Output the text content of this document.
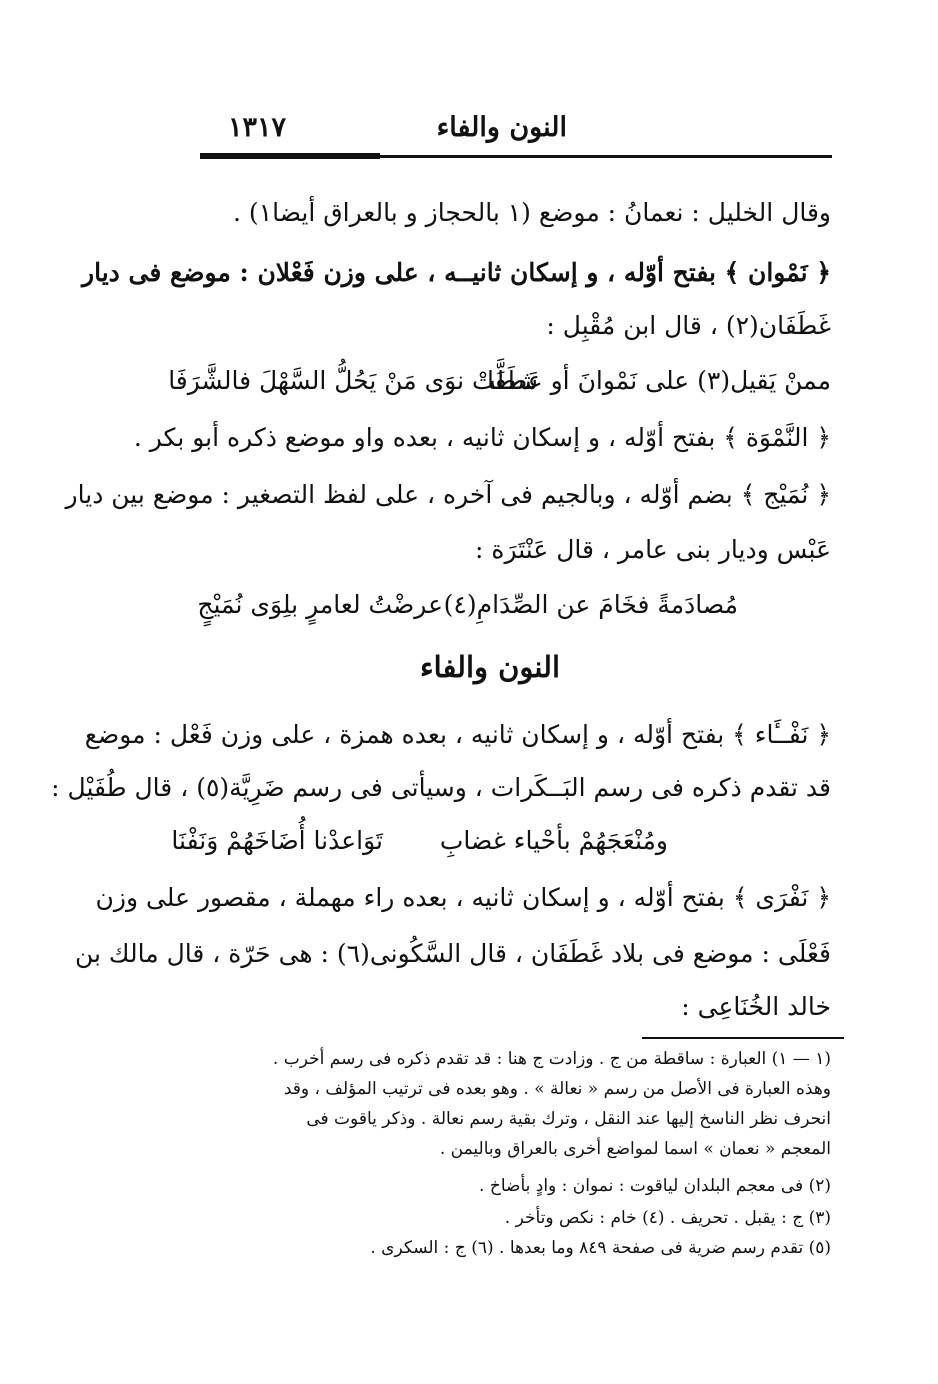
١٣١٧	النون والفاء
وقال الخليل : نعمانُ : موضع (١ بالحجاز و بالعراق أيضا١) .
﴿ نَمْوان ﴾ بفتح أوّله ، و إسكان ثانيــه ، على وزن فَعْلان : موضع فى ديار
غَطَفَان(٢) ، قال ابن مُقْبِل :
شطَّتْ نوَى مَنْ يَحُلُّ السَّهْلَ فالشَّرَفَا
ممنْ يَقيل(٣) على نَمْوانَ أو عَطَفَا
﴿ النَّمْوَة ﴾ بفتح أوّله ، و إسكان ثانيه ، بعده واو موضع ذكره أبو بكر .
﴿ نُمَيْج ﴾ بضم أوّله ، وبالجيم فى آخره ، على لفظ التصغير : موضع بين ديار
عَبْس وديار بنى عامر ، قال عَنْتَرَة :
عرضْتُ لعامرٍ بلِوَى نُمَيْجٍ مُصادَمةً فخَامَ عن الصِّدَامِ(٤)
النون والفاء
﴿ نَفْــَٔاء ﴾ بفتح أوّله ، و إسكان ثانيه ، بعده همزة ، على وزن فَعْل : موضع
قد تقدم ذكره فى رسم البَــكَرات ، وسيأتى فى رسم ضَرِيَّة(٥) ، قال طُفَيْل :
تَوَاعدْنا أُضَاخَهُمْ وَنَفْنَا ومُنْعَجَهُمْ بأحْياء غضابِ
﴿ نَفْرَى ﴾ بفتح أوّله ، و إسكان ثانيه ، بعده راء مهملة ، مقصور على وزن
فَعْلَى : موضع فى بلاد غَطَفَان ، قال السَّكُونى(٦) : هى حَرّة ، قال مالك بن
خالد الخُنَاعِى :
(١ — ١) العبارة : ساقطة من ج . وزادت ج هنا : قد تقدم ذكره فى رسم أخرب .
وهذه العبارة فى الأصل من رسم « نعالة » . وهو بعده فى ترتيب المؤلف ، وقد
انحرف نظر الناسخ إليها عند النقل ، وترك بقية رسم نعالة . وذكر ياقوت فى
المعجم « نعمان » اسما لمواضع أخرى بالعراق وباليمن .
(٢) فى معجم البلدان لياقوت : نموان : وادٍ بأضاخ .
(٣) ج : يقبل . تحريف . (٤) خام : نكص وتأخر .
(٥) تقدم رسم ضرية فى صفحة ٨٤٩ وما بعدها . (٦) ج : السكرى .
